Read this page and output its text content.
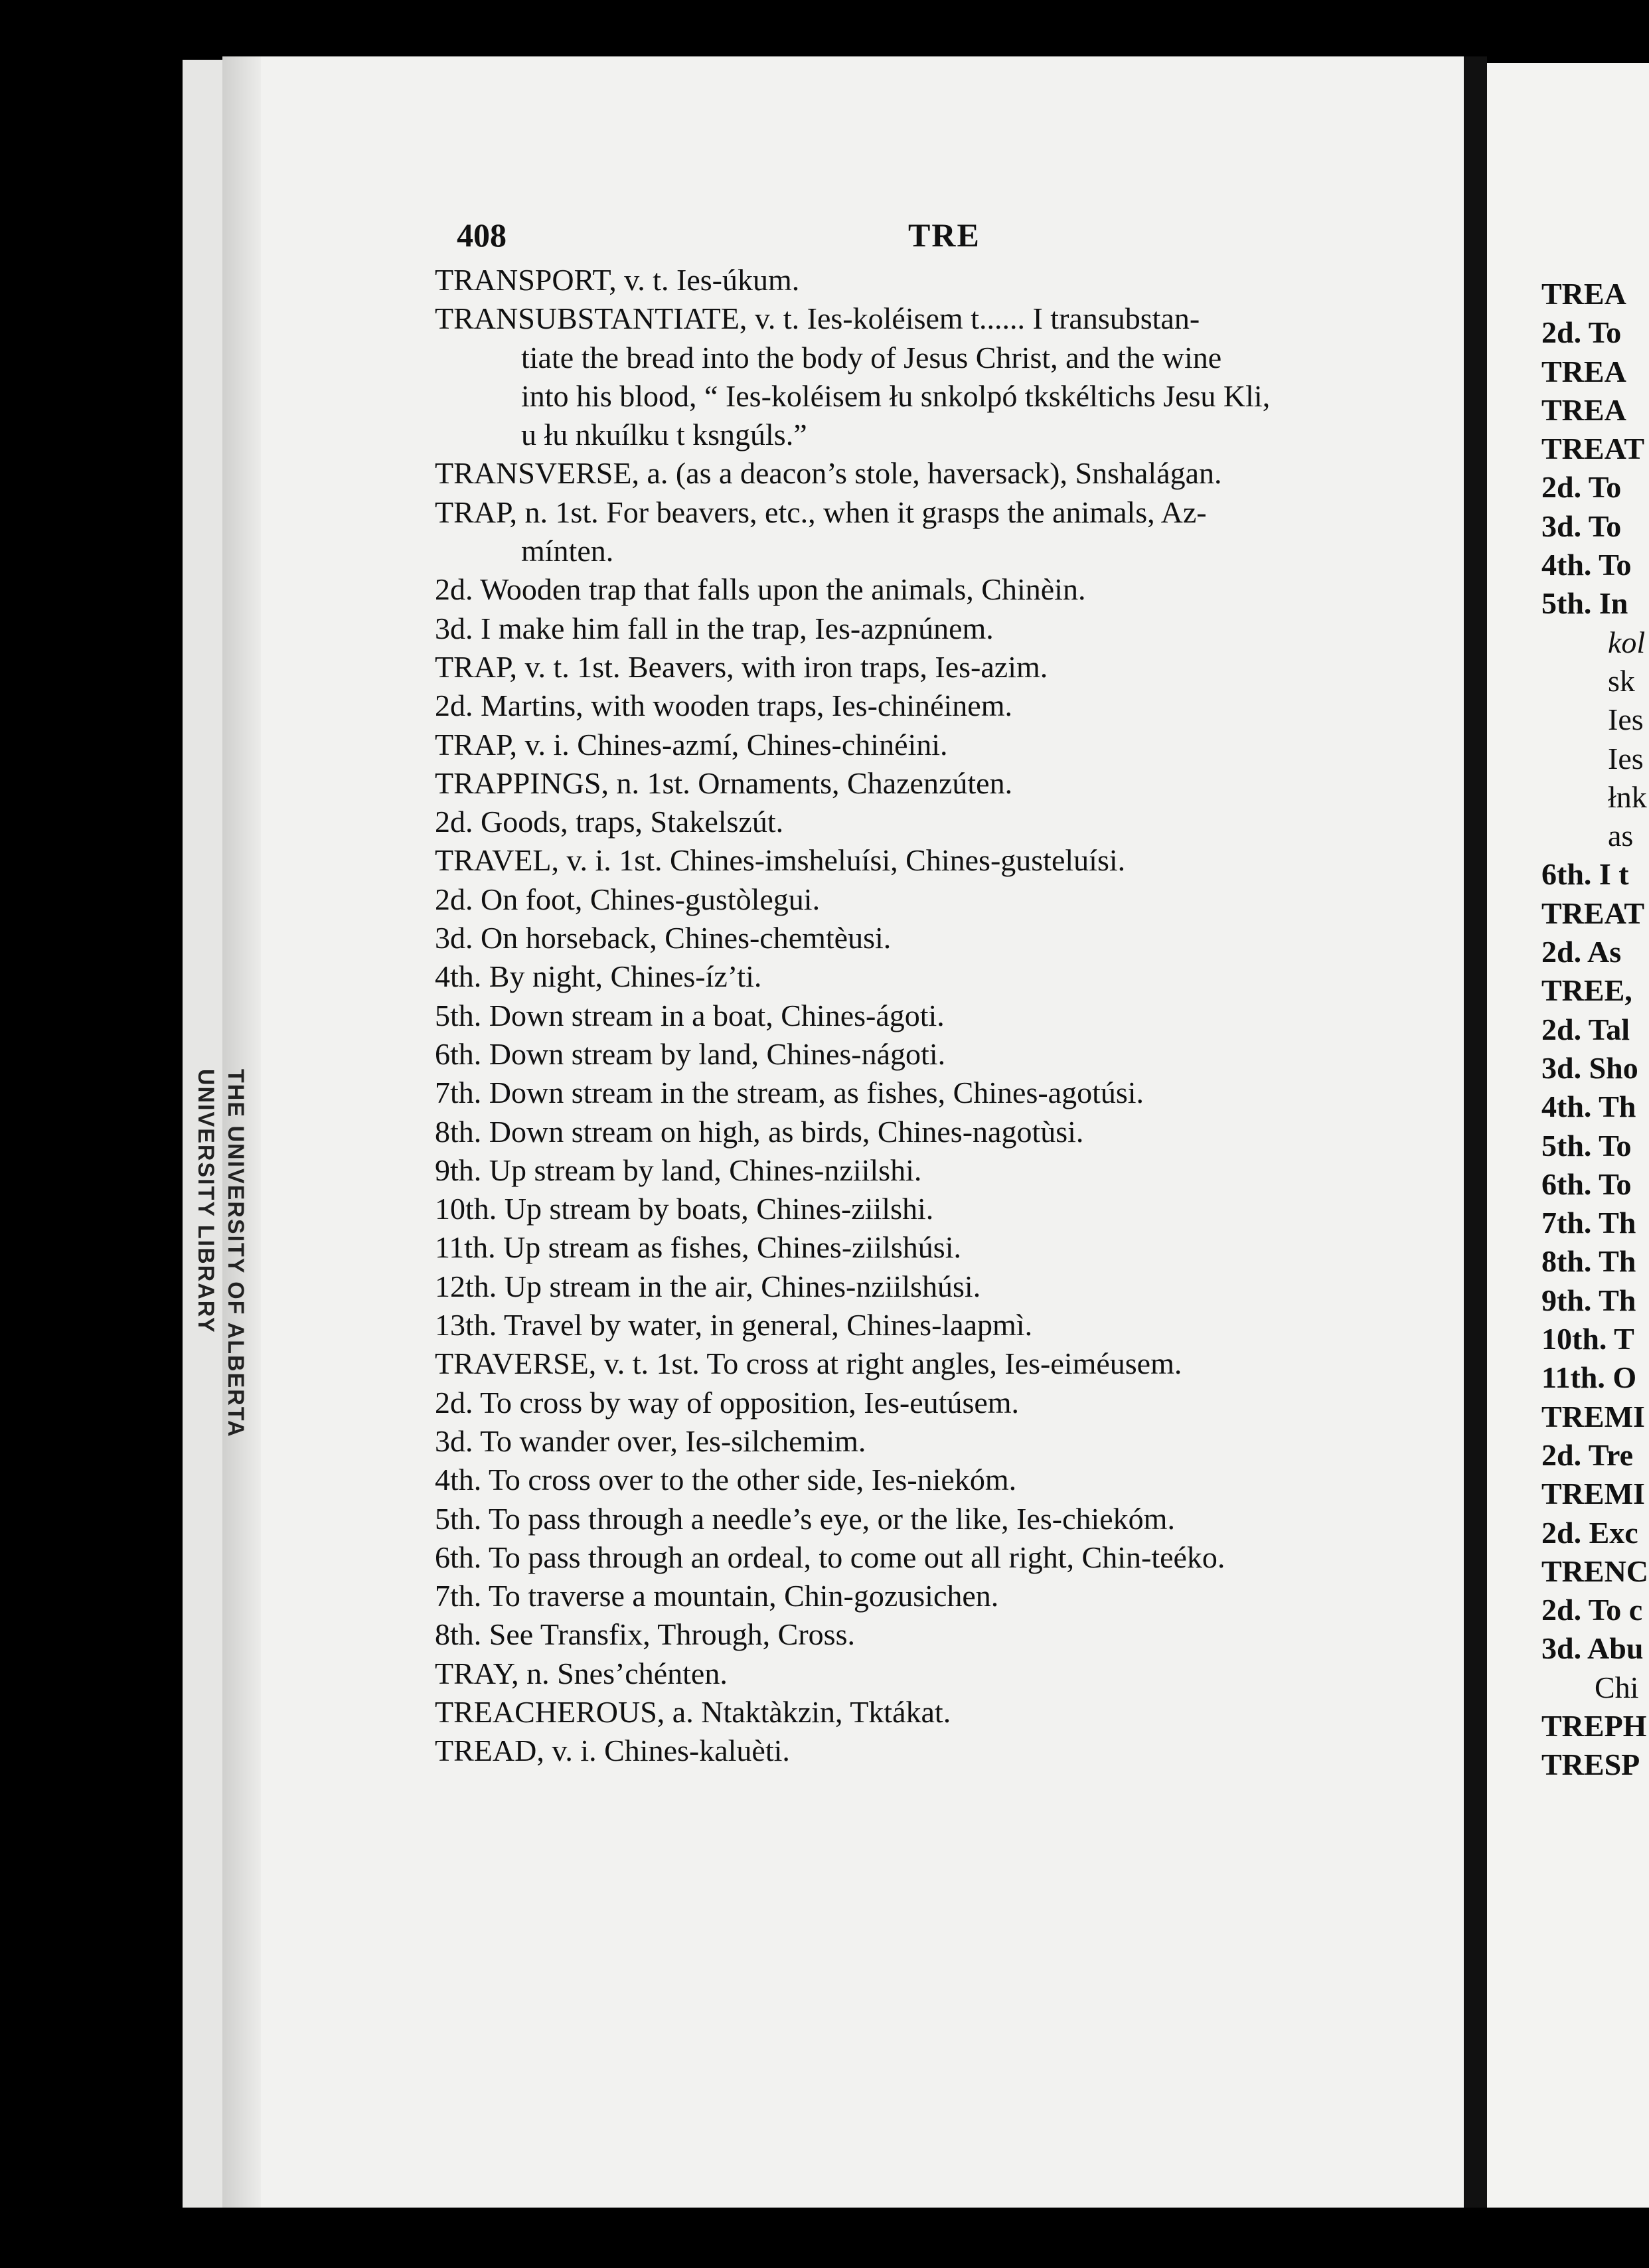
UNIVERSITY LIBRARY THE UNIVERSITY OF ALBERTA
408	TRE
TRANSPORT, v. t. Ies-úkum.
TRANSUBSTANTIATE, v. t. Ies-koléisem t...... I transubstan-
tiate the bread into the body of Jesus Christ, and the wine
into his blood, “ Ies-koléisem łu snkolpó tkskéltichs Jesu Kli,
u łu nkuílku t ksngúls.”
TRANSVERSE, a. (as a deacon’s stole, haversack), Snshalágan.
TRAP, n. 1st. For beavers, etc., when it grasps the animals, Az-
mínten.
2d. Wooden trap that falls upon the animals, Chinèin.
3d. I make him fall in the trap, Ies-azpnúnem.
TRAP, v. t. 1st. Beavers, with iron traps, Ies-azim.
2d. Martins, with wooden traps, Ies-chinéinem.
TRAP, v. i. Chines-azmí, Chines-chinéini.
TRAPPINGS, n. 1st. Ornaments, Chazenzúten.
2d. Goods, traps, Stakelszút.
TRAVEL, v. i. 1st. Chines-imsheluísi, Chines-gusteluísi.
2d. On foot, Chines-gustòlegui.
3d. On horseback, Chines-chemtèusi.
4th. By night, Chines-íz’ti.
5th. Down stream in a boat, Chines-ágoti.
6th. Down stream by land, Chines-nágoti.
7th. Down stream in the stream, as fishes, Chines-agotúsi.
8th. Down stream on high, as birds, Chines-nagotùsi.
9th. Up stream by land, Chines-nziilshi.
10th. Up stream by boats, Chines-ziilshi.
11th. Up stream as fishes, Chines-ziilshúsi.
12th. Up stream in the air, Chines-nziilshúsi.
13th. Travel by water, in general, Chines-laapmì.
TRAVERSE, v. t. 1st. To cross at right angles, Ies-eiméusem.
2d. To cross by way of opposition, Ies-eutúsem.
3d. To wander over, Ies-silchemim.
4th. To cross over to the other side, Ies-niekóm.
5th. To pass through a needle’s eye, or the like, Ies-chiekóm.
6th. To pass through an ordeal, to come out all right, Chin-teéko.
7th. To traverse a mountain, Chin-gozusichen.
8th. See Transfix, Through, Cross.
TRAY, n. Snes’chénten.
TREACHEROUS, a. Ntaktàkzin, Tktákat.
TREAD, v. i. Chines-kaluèti.
TREA
2d. To
TREA
TREA
TREAT
2d. To
3d. To
4th. To
5th. In
kol
sk
Ies
Ies
łnk
as
6th. I t
TREAT
2d. As
TREE,
2d. Tal
3d. Sho
4th. Th
5th. To
6th. To
7th. Th
8th. Th
9th. Th
10th. T
11th. O
TREMI
2d. Tre
TREMI
2d. Exc
TRENC
2d. To c
3d. Abu
Chi
TREPH
TRESP
